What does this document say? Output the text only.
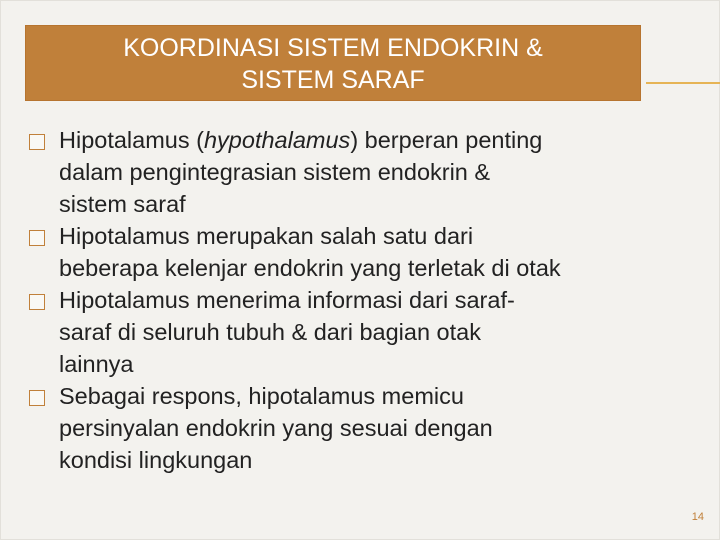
KOORDINASI SISTEM ENDOKRIN &
SISTEM SARAF
Hipotalamus (hypothalamus) berperan penting
dalam pengintegrasian sistem endokrin &
sistem saraf
Hipotalamus merupakan salah satu dari
beberapa kelenjar endokrin yang terletak di otak
Hipotalamus menerima informasi dari saraf-
saraf di seluruh tubuh & dari bagian otak
lainnya
Sebagai respons, hipotalamus memicu
persinyalan endokrin yang sesuai dengan
kondisi lingkungan
14
